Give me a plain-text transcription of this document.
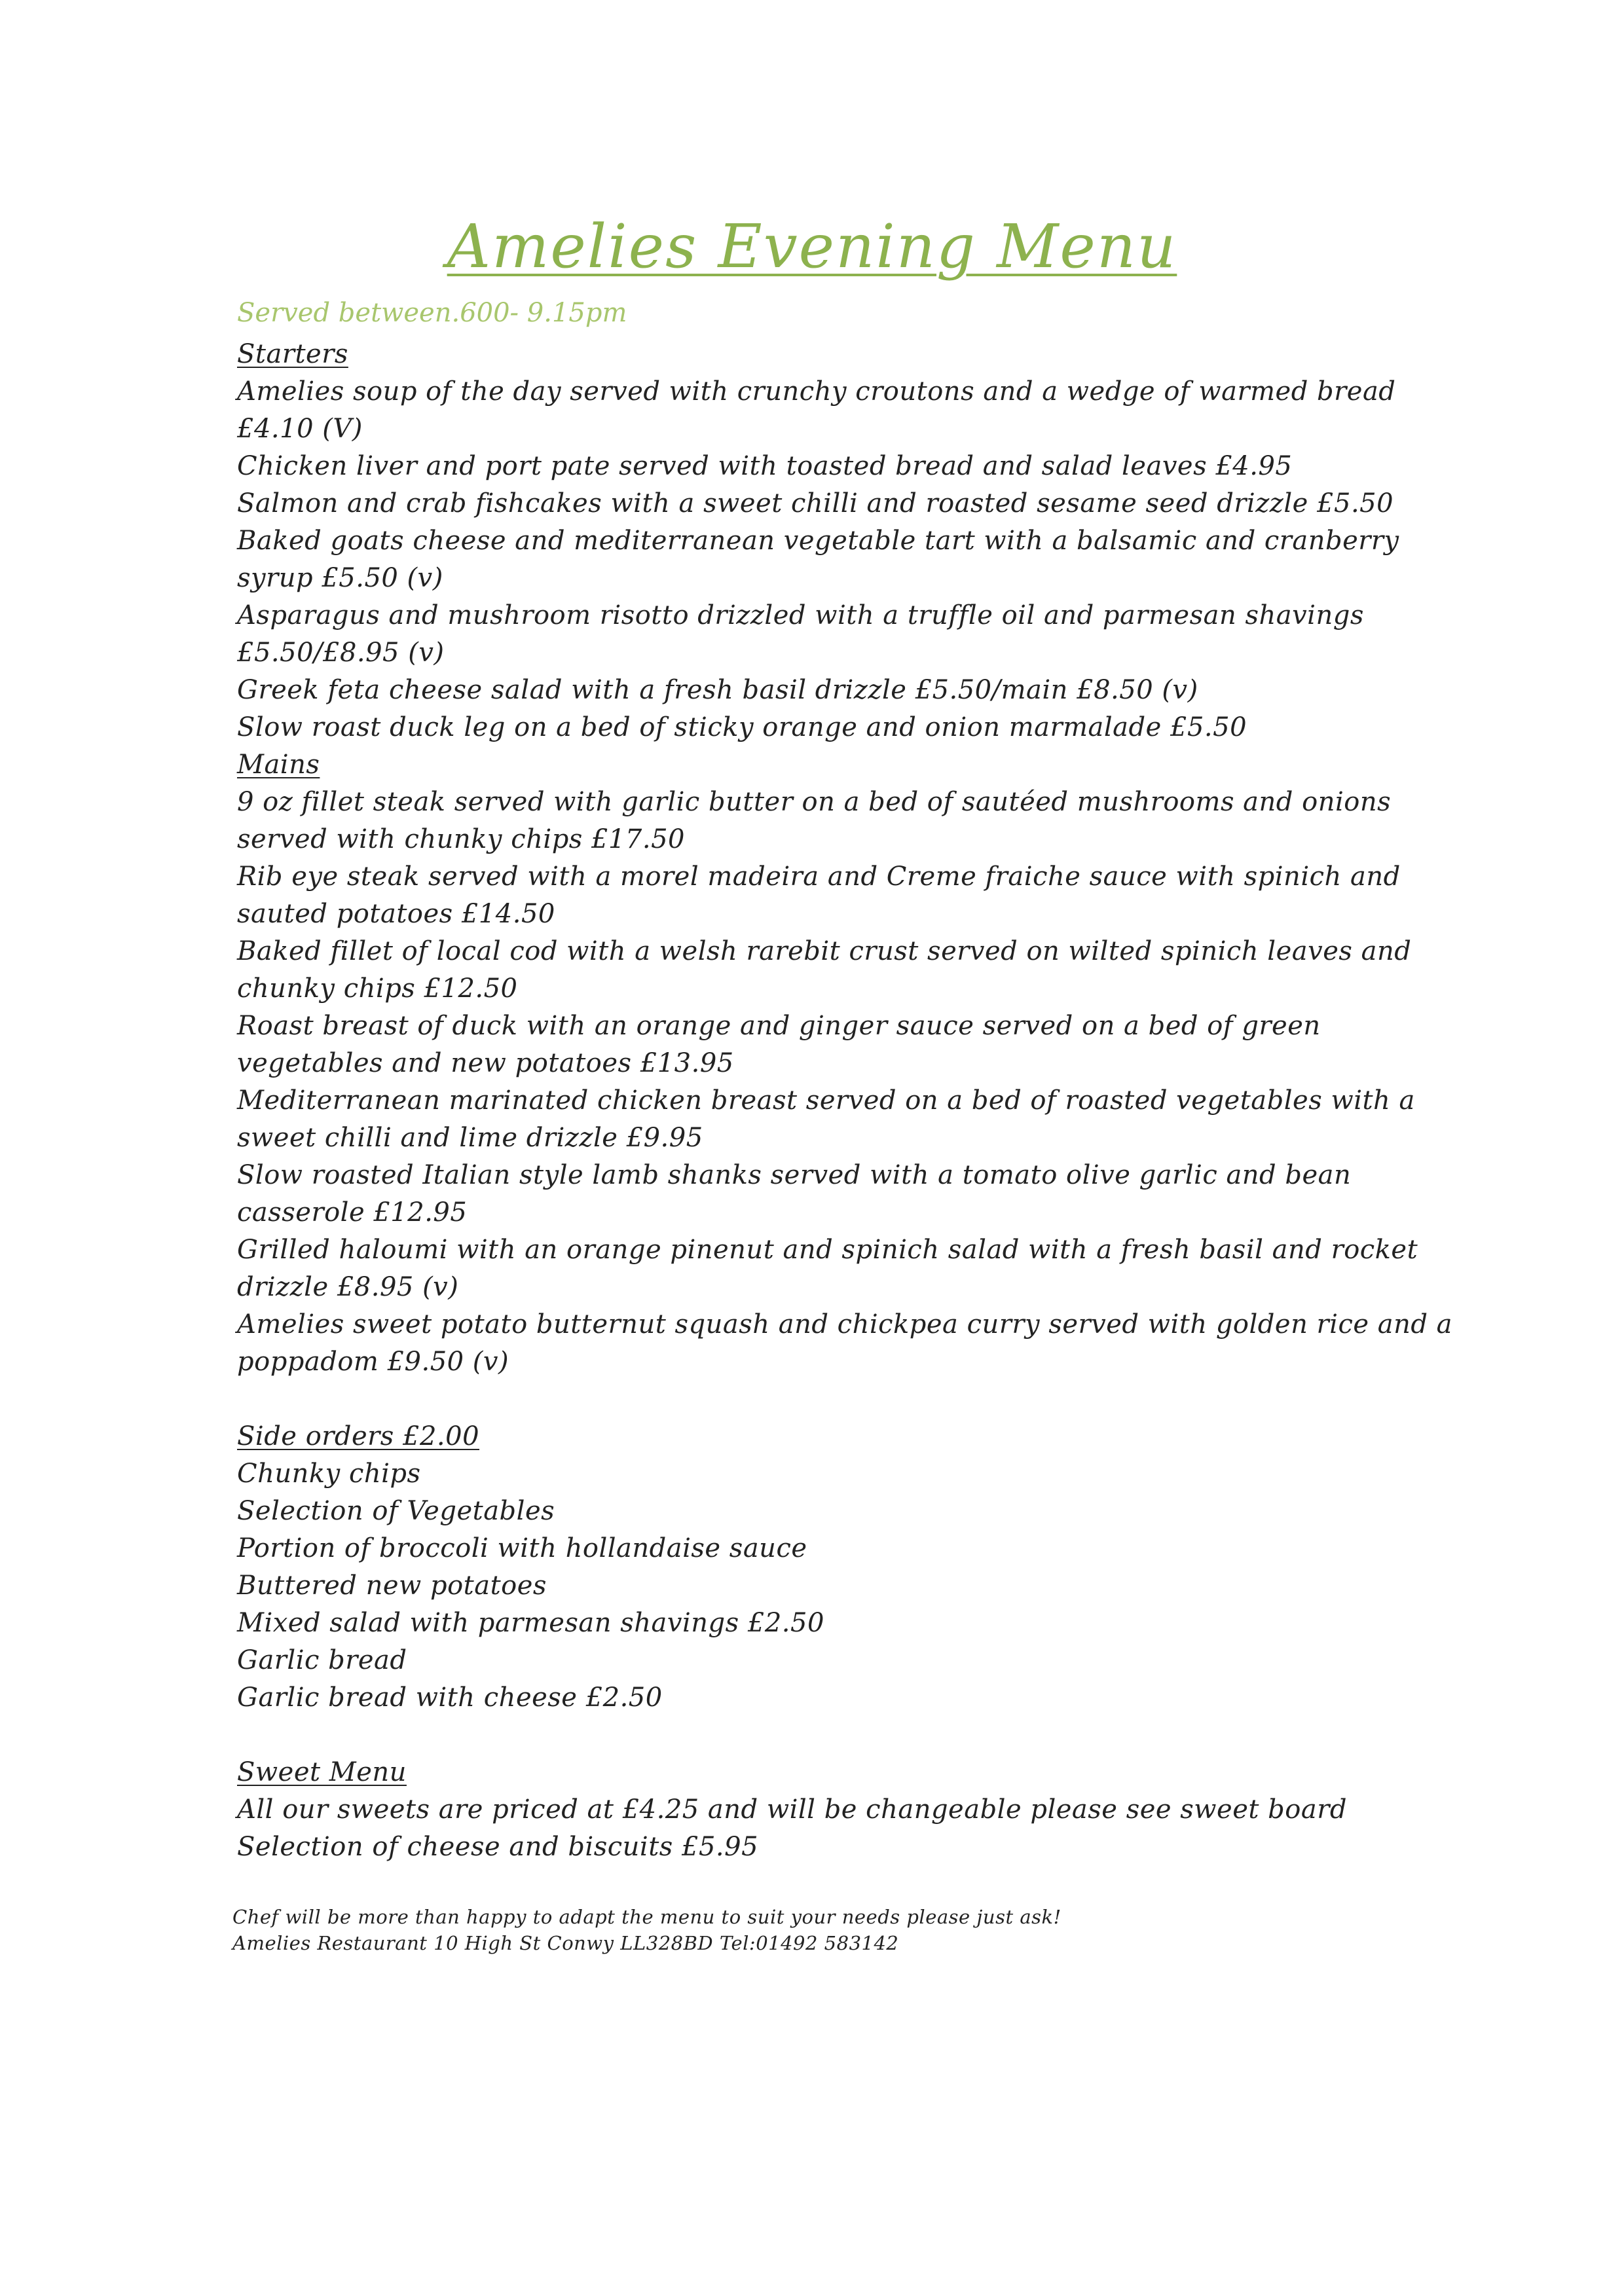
Amelies Evening Menu
Served between.600- 9.15pm
Starters
Amelies soup of the day served with crunchy croutons and a wedge of warmed bread
£4.10 (V)
Chicken liver and port pate served with toasted bread and salad leaves £4.95
Salmon and crab fishcakes with a sweet chilli and roasted sesame seed drizzle £5.50
Baked goats cheese and mediterranean vegetable tart with a balsamic and cranberry
syrup £5.50 (v)
Asparagus and mushroom risotto drizzled with a truffle oil and parmesan shavings
£5.50/£8.95 (v)
Greek feta cheese salad with a fresh basil drizzle £5.50/main £8.50 (v)
Slow roast duck leg on a bed of sticky orange and onion marmalade £5.50
Mains
9 oz fillet steak served with garlic butter on a bed of sautéed mushrooms and onions
served with chunky chips £17.50
Rib eye steak served with a morel madeira and Creme fraiche sauce with spinich and
sauted potatoes £14.50
Baked fillet of local cod with a welsh rarebit crust served on wilted spinich leaves and
chunky chips £12.50
Roast breast of duck with an orange and ginger sauce served on a bed of green
vegetables and new potatoes £13.95
Mediterranean marinated chicken breast served on a bed of roasted vegetables with a
sweet chilli and lime drizzle £9.95
Slow roasted Italian style lamb shanks served with a tomato olive garlic and bean
casserole £12.95
Grilled haloumi with an orange pinenut and spinich salad with a fresh basil and rocket
drizzle £8.95 (v)
Amelies sweet potato butternut squash and chickpea curry served with golden rice and a
poppadom £9.50 (v)
Side orders £2.00
Chunky chips
Selection of Vegetables
Portion of broccoli with hollandaise sauce
Buttered new potatoes
Mixed salad with parmesan shavings £2.50
Garlic bread
Garlic bread with cheese £2.50
Sweet Menu
All our sweets are priced at £4.25 and will be changeable please see sweet board
Selection of cheese and biscuits £5.95
Chef will be more than happy to adapt the menu to suit your needs please just ask!
Amelies Restaurant 10 High St Conwy LL328BD Tel:01492 583142
